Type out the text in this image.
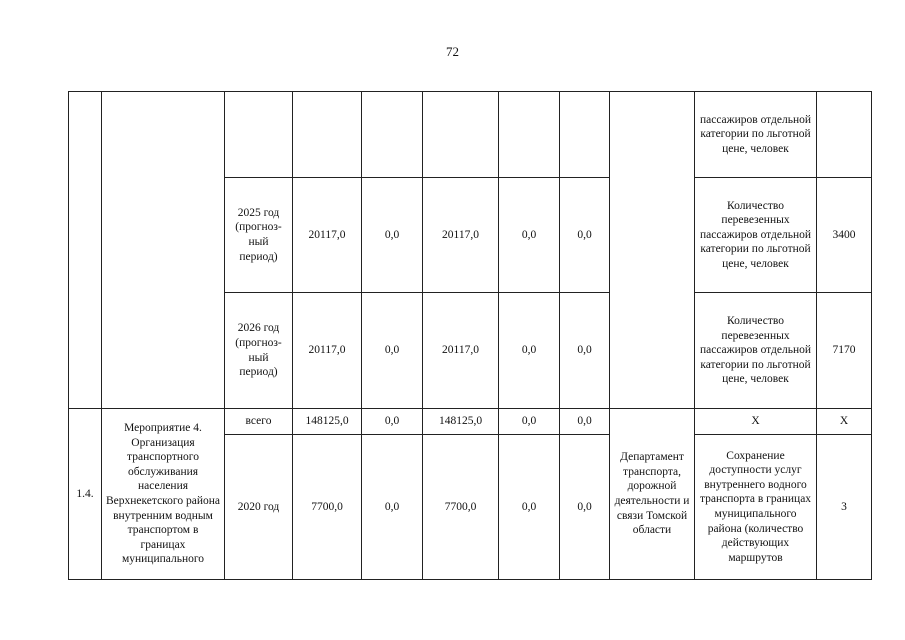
72
									пассажиров отдельной категории по льготной цене, человек	
		2025 год (прогноз-ный период)	20117,0	0,0	20117,0	0,0	0,0		Количество перевезенных пассажиров отдельной категории по льготной цене, человек	3400
		2026 год (прогноз-ный период)	20117,0	0,0	20117,0	0,0	0,0		Количество перевезенных пассажиров отдельной категории по льготной цене, человек	7170
1.4.	Мероприятие 4. Организация транспортного обслуживания населения Верхнекетского района внутренним водным транспортом в границах муниципального	всего	148125,0	0,0	148125,0	0,0	0,0	Департамент транспорта, дорожной деятельности и связи Томской области	X	X
		2020 год	7700,0	0,0	7700,0	0,0	0,0		Сохранение доступности услуг внутреннего водного транспорта в границах муниципального района (количество действующих маршрутов	3
